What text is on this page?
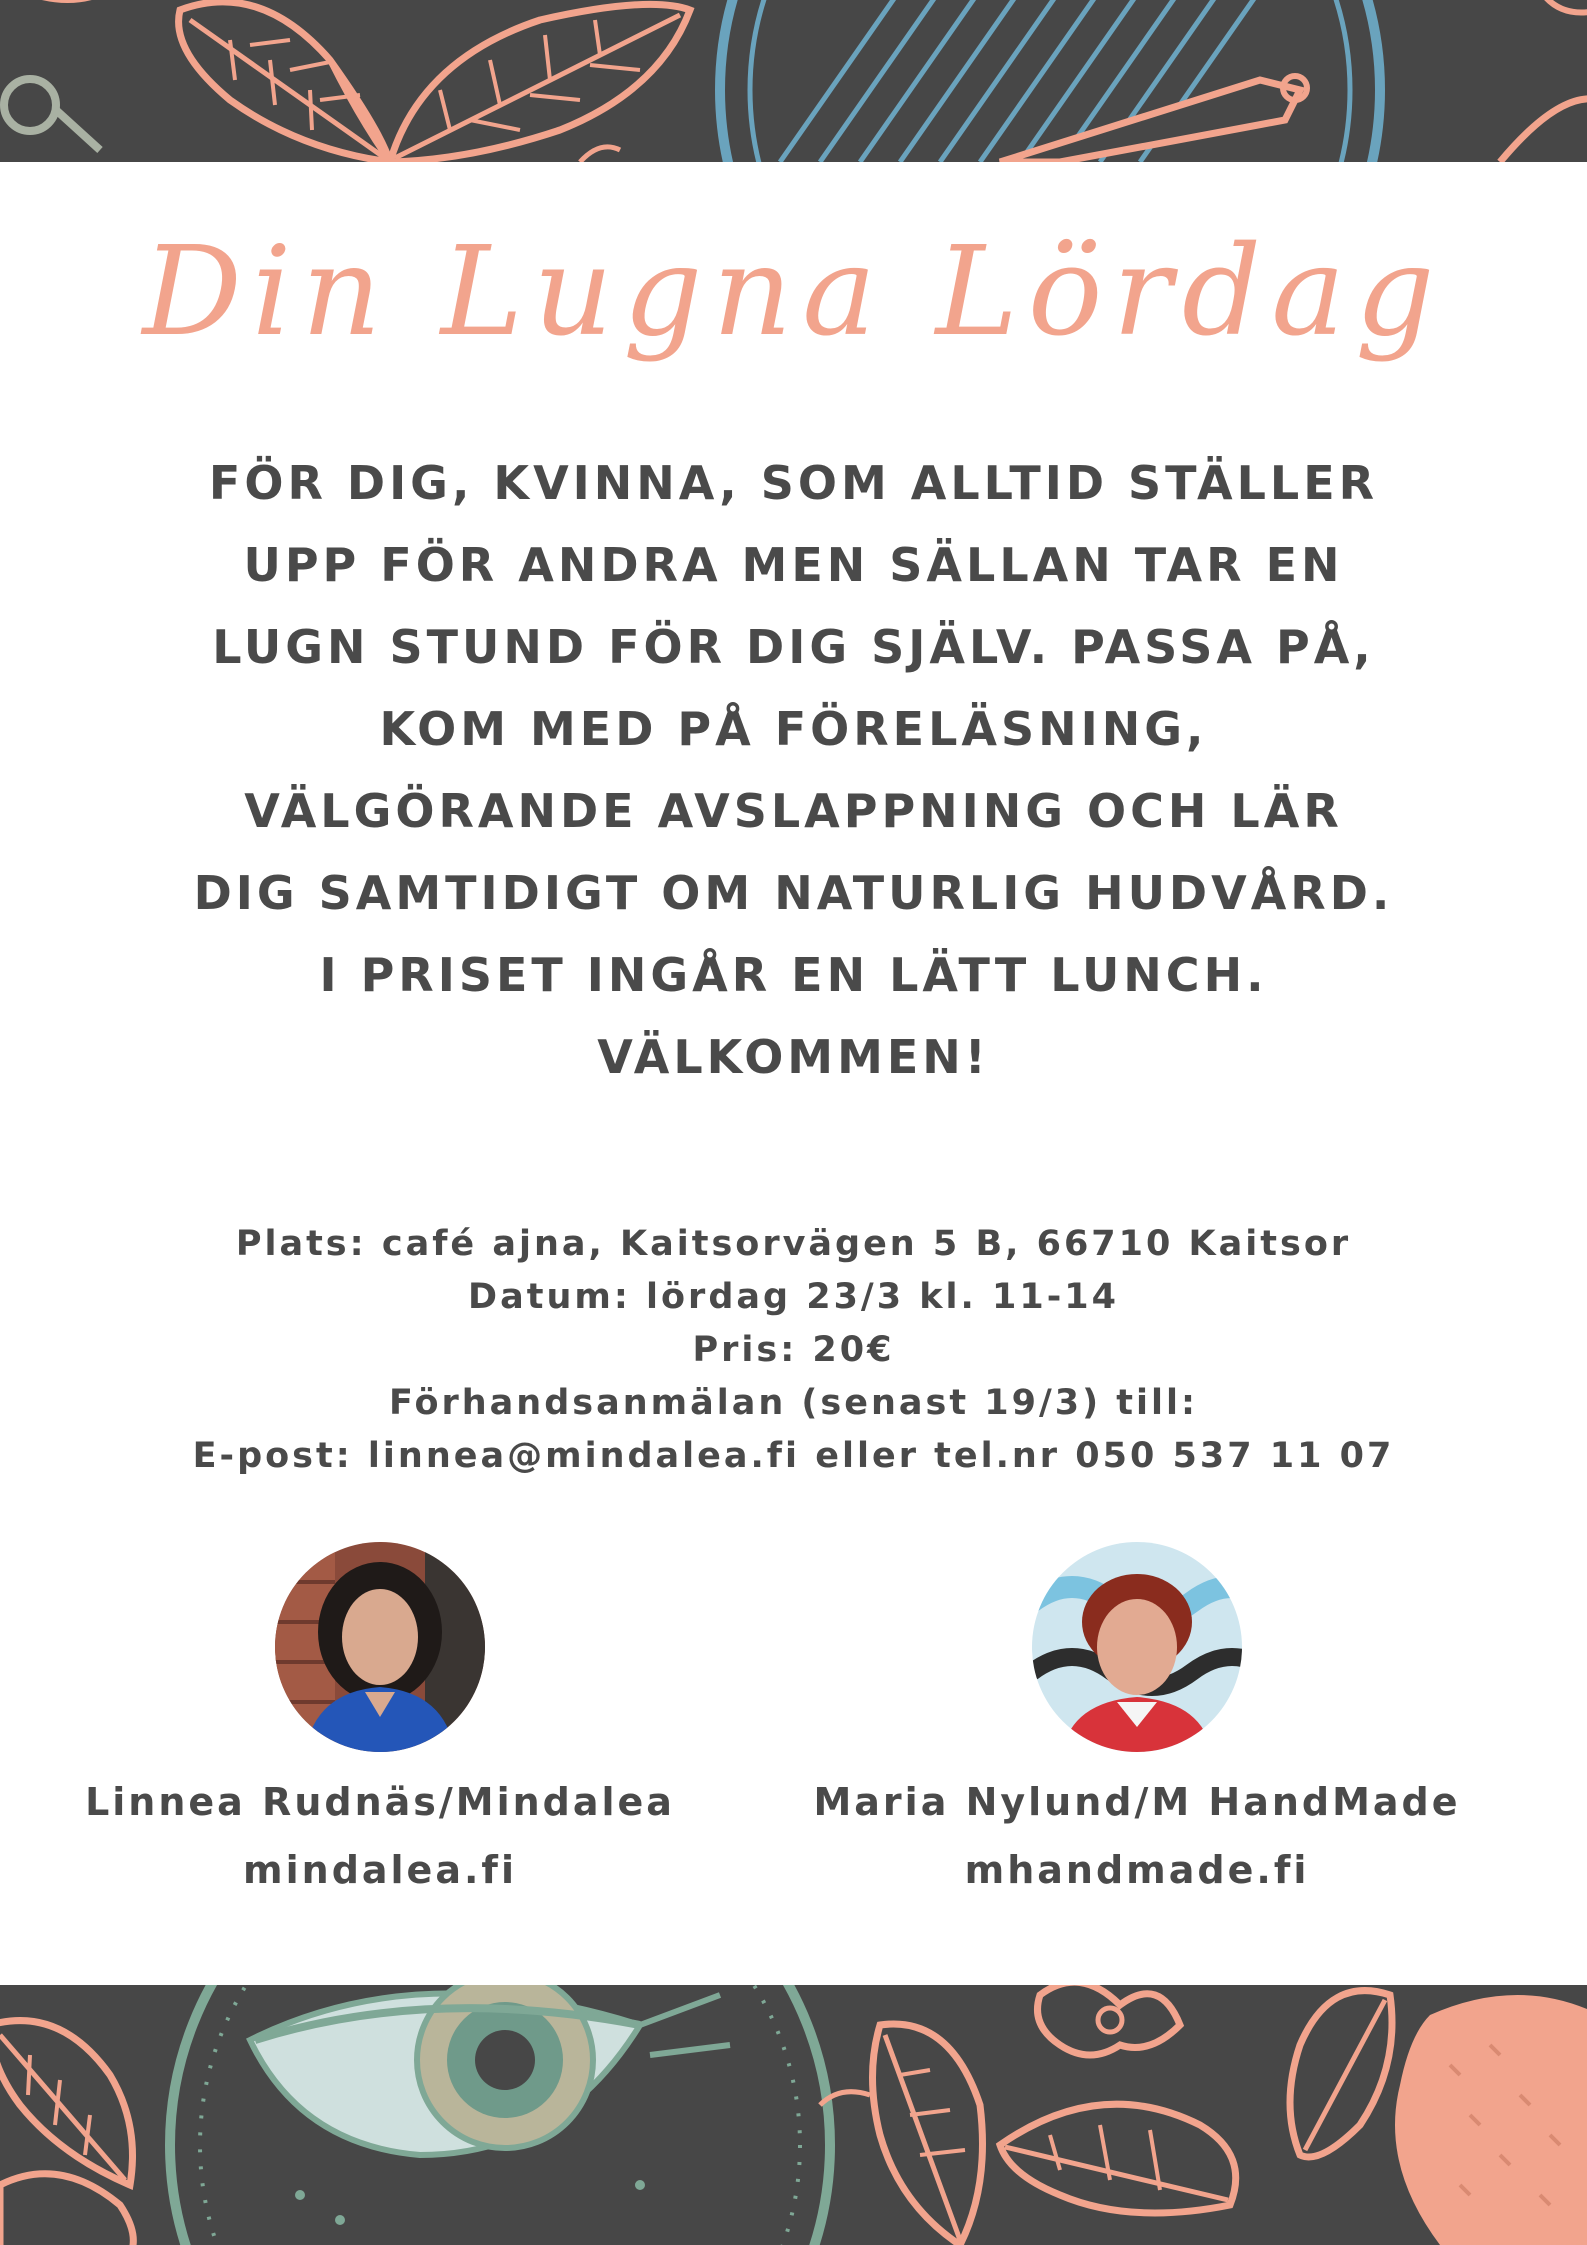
Din Lugna Lördag
FÖR DIG, KVINNA, SOM ALLTID STÄLLER
UPP FÖR ANDRA MEN SÄLLAN TAR EN
LUGN STUND FÖR DIG SJÄLV. PASSA PÅ,
KOM MED PÅ FÖRELÄSNING,
VÄLGÖRANDE AVSLAPPNING OCH LÄR
DIG SAMTIDIGT OM NATURLIG HUDVÅRD.
I PRISET INGÅR EN LÄTT LUNCH.
VÄLKOMMEN!
Plats: café ajna, Kaitsorvägen 5 B, 66710 Kaitsor
Datum: lördag 23/3 kl. 11-14
Pris: 20€
Förhandsanmälan (senast 19/3) till:
E-post: linnea@mindalea.fi eller tel.nr 050 537 11 07
Linnea Rudnäs/Mindalea
mindalea.fi
Maria Nylund/M HandMade
mhandmade.fi
